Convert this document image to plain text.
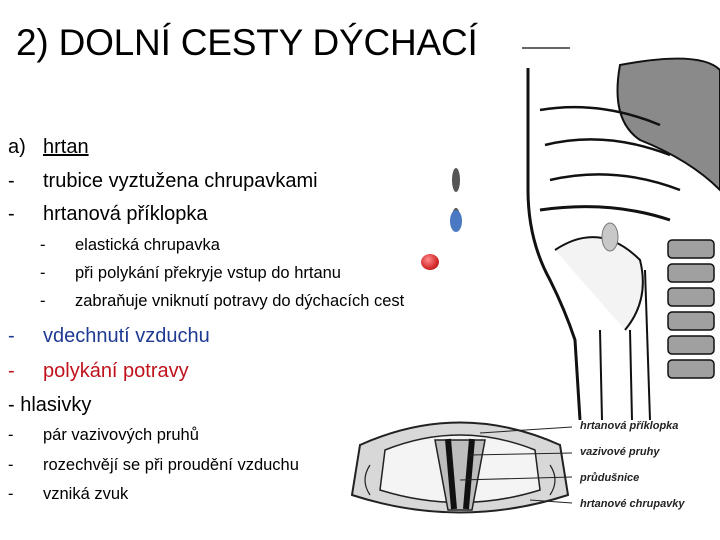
2) DOLNÍ CESTY DÝCHACÍ
a) hrtan
- trubice vyztužena chrupavkami
- hrtanová příklopka
- elastická chrupavka
- při polykání překryje vstup do hrtanu
- zabraňuje vniknutí potravy do dýchacích cest
- vdechnutí vzduchu
- polykání potravy
- hlasivky
- pár vazivových pruhů
- rozechvějí se při proudění vzduchu
- vzniká zvuk
hrtanová příklopka
vazivové pruhy
průdušnice
hrtanové chrupavky
